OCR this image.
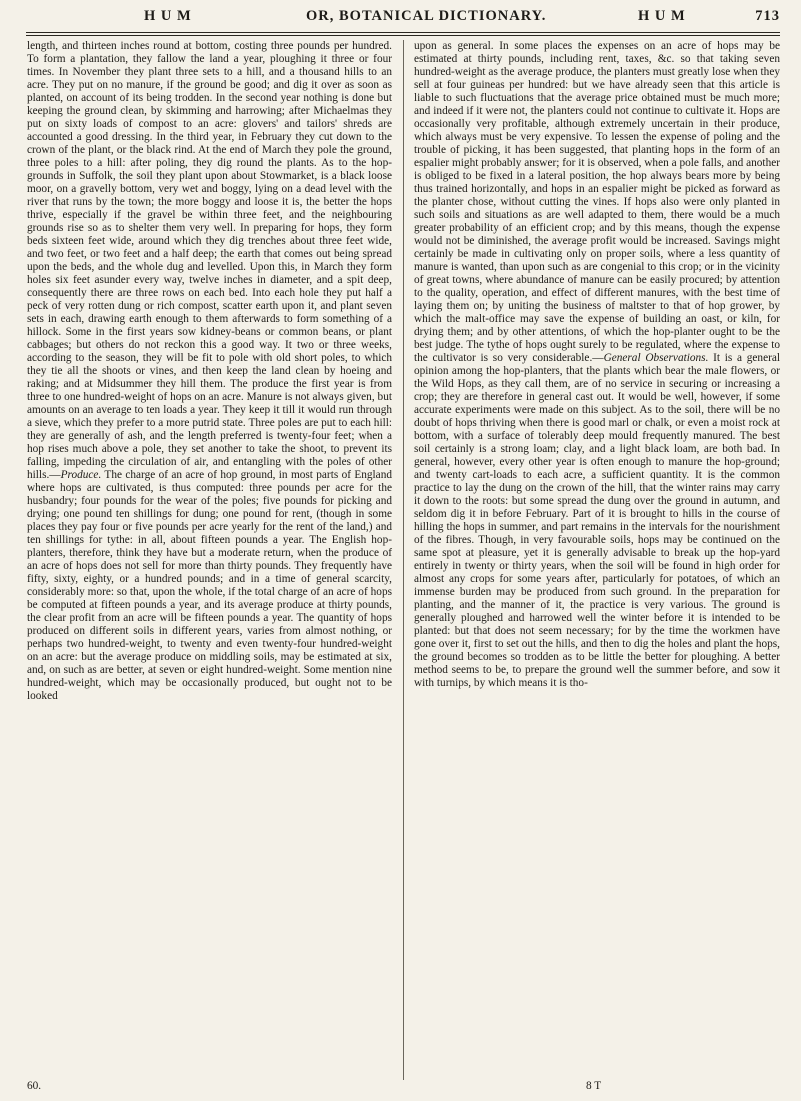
H U M	OR, BOTANICAL DICTIONARY.	H U M	713

length, and thirteen inches round at bottom, costing three pounds per hundred. To form a plantation, they fallow the land a year, ploughing it three or four times. In November they plant three sets to a hill, and a thousand hills to an acre. They put on no manure, if the ground be good; and dig it over as soon as planted, on account of its being trodden. In the second year nothing is done but keeping the ground clean, by skimming and harrowing; after Michaelmas they put on sixty loads of compost to an acre: glovers' and tailors' shreds are accounted a good dressing. In the third year, in February they cut down to the crown of the plant, or the black rind. At the end of March they pole the ground, three poles to a hill: after poling, they dig round the plants. As to the hop-grounds in Suffolk, the soil they plant upon about Stowmarket, is a black loose moor, on a gravelly bottom, very wet and boggy, lying on a dead level with the river that runs by the town; the more boggy and loose it is, the better the hops thrive, especially if the gravel be within three feet, and the neighbouring grounds rise so as to shelter them very well. In preparing for hops, they form beds sixteen feet wide, around which they dig trenches about three feet wide, and two feet, or two feet and a half deep; the earth that comes out being spread upon the beds, and the whole dug and levelled. Upon this, in March they form holes six feet asunder every way, twelve inches in diameter, and a spit deep, consequently there are three rows on each bed. Into each hole they put half a peck of very rotten dung or rich compost, scatter earth upon it, and plant seven sets in each, drawing earth enough to them afterwards to form something of a hillock. Some in the first years sow kidney-beans or common beans, or plant cabbages; but others do not reckon this a good way. It two or three weeks, according to the season, they will be fit to pole with old short poles, to which they tie all the shoots or vines, and then keep the land clean by hoeing and raking; and at Midsummer they hill them. The produce the first year is from three to one hundred-weight of hops on an acre. Manure is not always given, but amounts on an average to ten loads a year. They keep it till it would run through a sieve, which they prefer to a more putrid state. Three poles are put to each hill: they are generally of ash, and the length preferred is twenty-four feet; when a hop rises much above a pole, they set another to take the shoot, to prevent its falling, impeding the circulation of air, and entangling with the poles of other hills.—Produce. The charge of an acre of hop ground, in most parts of England where hops are cultivated, is thus computed: three pounds per acre for the husbandry; four pounds for the wear of the poles; five pounds for picking and drying; one pound ten shillings for dung; one pound for rent, (though in some places they pay four or five pounds per acre yearly for the rent of the land,) and ten shillings for tythe: in all, about fifteen pounds a year. The English hop-planters, therefore, think they have but a moderate return, when the produce of an acre of hops does not sell for more than thirty pounds. They frequently have fifty, sixty, eighty, or a hundred pounds; and in a time of general scarcity, considerably more: so that, upon the whole, if the total charge of an acre of hops be computed at fifteen pounds a year, and its average produce at thirty pounds, the clear profit from an acre will be fifteen pounds a year. The quantity of hops produced on different soils in different years, varies from almost nothing, or perhaps two hundred-weight, to twenty and even twenty-four hundred-weight on an acre: but the average produce on middling soils, may be estimated at six, and, on such as are better, at seven or eight hundred-weight. Some mention nine hundred-weight, which may be occasionally produced, but ought not to be looked

upon as general. In some places the expenses on an acre of hops may be estimated at thirty pounds, including rent, taxes, &c. so that taking seven hundred-weight as the average produce, the planters must greatly lose when they sell at four guineas per hundred: but we have already seen that this article is liable to such fluctuations that the average price obtained must be much more; and indeed if it were not, the planters could not continue to cultivate it. Hops are occasionally very profitable, although extremely uncertain in their produce, which always must be very expensive. To lessen the expense of poling and the trouble of picking, it has been suggested, that planting hops in the form of an espalier might probably answer; for it is observed, when a pole falls, and another is obliged to be fixed in a lateral position, the hop always bears more by being thus trained horizontally, and hops in an espalier might be picked as forward as the planter chose, without cutting the vines. If hops also were only planted in such soils and situations as are well adapted to them, there would be a much greater probability of an efficient crop; and by this means, though the expense would not be diminished, the average profit would be increased. Savings might certainly be made in cultivating only on proper soils, where a less quantity of manure is wanted, than upon such as are congenial to this crop; or in the vicinity of great towns, where abundance of manure can be easily procured; by attention to the quality, operation, and effect of different manures, with the best time of laying them on; by uniting the business of maltster to that of hop grower, by which the malt-office may save the expense of building an oast, or kiln, for drying them; and by other attentions, of which the hop-planter ought to be the best judge. The tythe of hops ought surely to be regulated, where the expense to the cultivator is so very considerable.—General Observations. It is a general opinion among the hop-planters, that the plants which bear the male flowers, or the Wild Hops, as they call them, are of no service in securing or increasing a crop; they are therefore in general cast out. It would be well, however, if some accurate experiments were made on this subject. As to the soil, there will be no doubt of hops thriving when there is good marl or chalk, or even a moist rock at bottom, with a surface of tolerably deep mould frequently manured. The best soil certainly is a strong loam; clay, and a light black loam, are both bad. In general, however, every other year is often enough to manure the hop-ground; and twenty cart-loads to each acre, a sufficient quantity. It is the common practice to lay the dung on the crown of the hill, that the winter rains may carry it down to the roots: but some spread the dung over the ground in autumn, and seldom dig it in before February. Part of it is brought to hills in the course of hilling the hops in summer, and part remains in the intervals for the nourishment of the fibres. Though, in very favourable soils, hops may be continued on the same spot at pleasure, yet it is generally advisable to break up the hop-yard entirely in twenty or thirty years, when the soil will be found in high order for almost any crops for some years after, particularly for potatoes, of which an immense burden may be produced from such ground. In the preparation for planting, and the manner of it, the practice is very various. The ground is generally ploughed and harrowed well the winter before it is intended to be planted: but that does not seem necessary; for by the time the workmen have gone over it, first to set out the hills, and then to dig the holes and plant the hops, the ground becomes so trodden as to be little the better for ploughing. A better method seems to be, to prepare the ground well the summer before, and sow it with turnips, by which means it is tho-

60.	8 T
